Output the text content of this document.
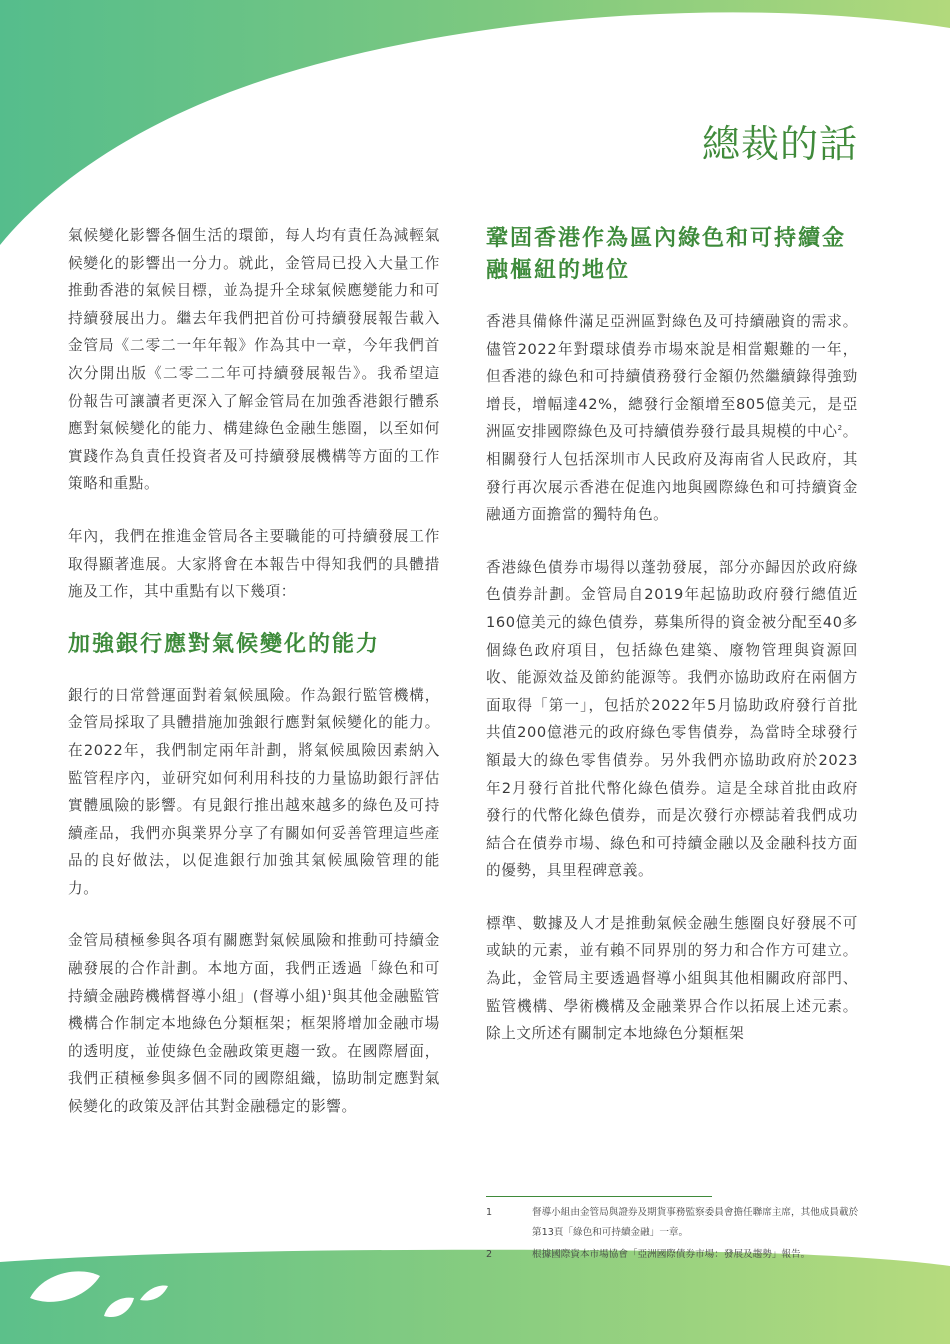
總裁的話

氣候變化影響各個生活的環節，每人均有責任為減輕氣候變化的影響出一分力。就此，金管局已投入大量工作推動香港的氣候目標，並為提升全球氣候應變能力和可持續發展出力。繼去年我們把首份可持續發展報告載入金管局《二零二一年年報》作為其中一章，今年我們首次分開出版《二零二二年可持續發展報告》。我希望這份報告可讓讀者更深入了解金管局在加強香港銀行體系應對氣候變化的能力、構建綠色金融生態圈，以至如何實踐作為負責任投資者及可持續發展機構等方面的工作策略和重點。

年內，我們在推進金管局各主要職能的可持續發展工作取得顯著進展。大家將會在本報告中得知我們的具體措施及工作，其中重點有以下幾項：

加強銀行應對氣候變化的能力

銀行的日常營運面對着氣候風險。作為銀行監管機構，金管局採取了具體措施加強銀行應對氣候變化的能力。在2022年，我們制定兩年計劃，將氣候風險因素納入監管程序內，並研究如何利用科技的力量協助銀行評估實體風險的影響。有見銀行推出越來越多的綠色及可持續產品，我們亦與業界分享了有關如何妥善管理這些產品的良好做法，以促進銀行加強其氣候風險管理的能力。

金管局積極參與各項有關應對氣候風險和推動可持續金融發展的合作計劃。本地方面，我們正透過「綠色和可持續金融跨機構督導小組」(督導小組)$^1$與其他金融監管機構合作制定本地綠色分類框架；框架將增加金融市場的透明度，並使綠色金融政策更趨一致。在國際層面，我們正積極參與多個不同的國際組織，協助制定應對氣候變化的政策及評估其對金融穩定的影響。

鞏固香港作為區內綠色和可持續金融樞紐的地位

香港具備條件滿足亞洲區對綠色及可持續融資的需求。儘管2022年對環球債券市場來說是相當艱難的一年，但香港的綠色和可持續債務發行金額仍然繼續錄得強勁增長，增幅達42%，總發行金額增至805億美元，是亞洲區安排國際綠色及可持續債券發行最具規模的中心$^2$。相關發行人包括深圳市人民政府及海南省人民政府，其發行再次展示香港在促進內地與國際綠色和可持續資金融通方面擔當的獨特角色。

香港綠色債券市場得以蓬勃發展，部分亦歸因於政府綠色債券計劃。金管局自2019年起協助政府發行總值近160億美元的綠色債券，募集所得的資金被分配至40多個綠色政府項目，包括綠色建築、廢物管理與資源回收、能源效益及節約能源等。我們亦協助政府在兩個方面取得「第一」，包括於2022年5月協助政府發行首批共值200億港元的政府綠色零售債券，為當時全球發行額最大的綠色零售債券。另外我們亦協助政府於2023年2月發行首批代幣化綠色債券。這是全球首批由政府發行的代幣化綠色債券，而是次發行亦標誌着我們成功結合在債券市場、綠色和可持續金融以及金融科技方面的優勢，具里程碑意義。

標準、數據及人才是推動氣候金融生態圈良好發展不可或缺的元素，並有賴不同界別的努力和合作方可建立。為此，金管局主要透過督導小組與其他相關政府部門、監管機構、學術機構及金融業界合作以拓展上述元素。除上文所述有關制定本地綠色分類框架

1	督導小組由金管局與證券及期貨事務監察委員會擔任聯席主席，其他成員載於第13頁「綠色和可持續金融」一章。
2	根據國際資本市場協會「亞洲國際債券市場：發展及趨勢」報告。
